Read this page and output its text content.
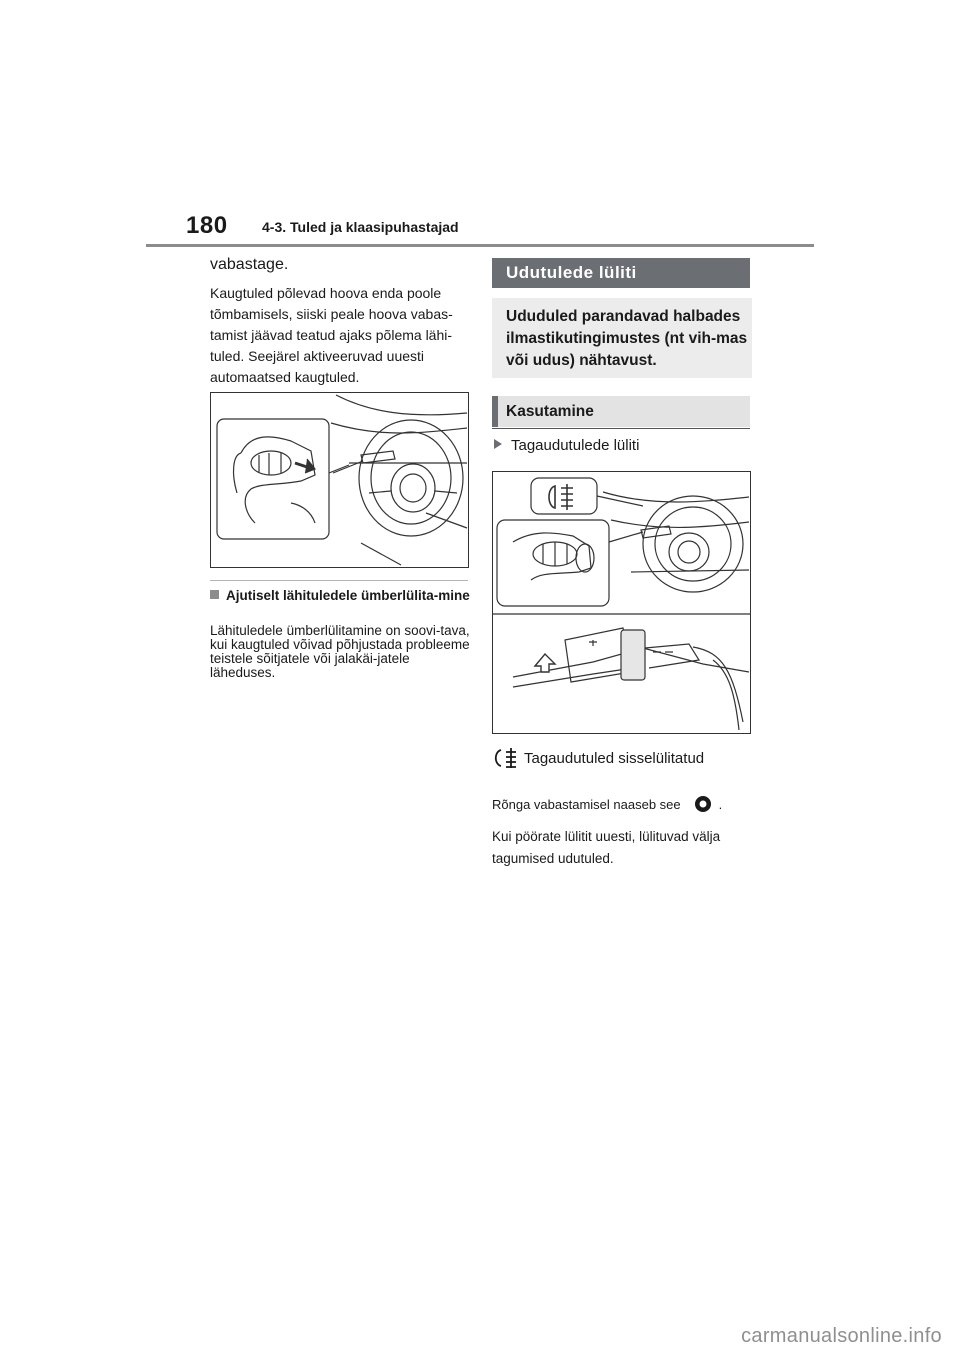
180 4-3. Tuled ja klaasipuhastajad
vabastage.
Kaugtuled põlevad hoova enda poole tõmbamisels, siiski peale hoova vabas-tamist jäävad teatud ajaks põlema lähi-tuled. Seejärel aktiveeruvad uuesti automaatsed kaugtuled.
Ajutiselt lähituledele ümberlülita-mine
Lähituledele ümberlülitamine on soovi-tava, kui kaugtuled võivad põhjustada probleeme teistele sõitjatele või jalakäi-jatele läheduses.
Udutulede lüliti
Ududuled parandavad halbades ilmastikutingimustes (nt vih-mas või udus) nähtavust.
Kasutamine
Tagaudutulede lüliti
Tagaudutuled sisselülitatud
Rõnga vabastamisel naaseb see	.
Kui pöörate lülitit uuesti, lülituvad välja tagumised udutuled.
carmanualsonline.info
